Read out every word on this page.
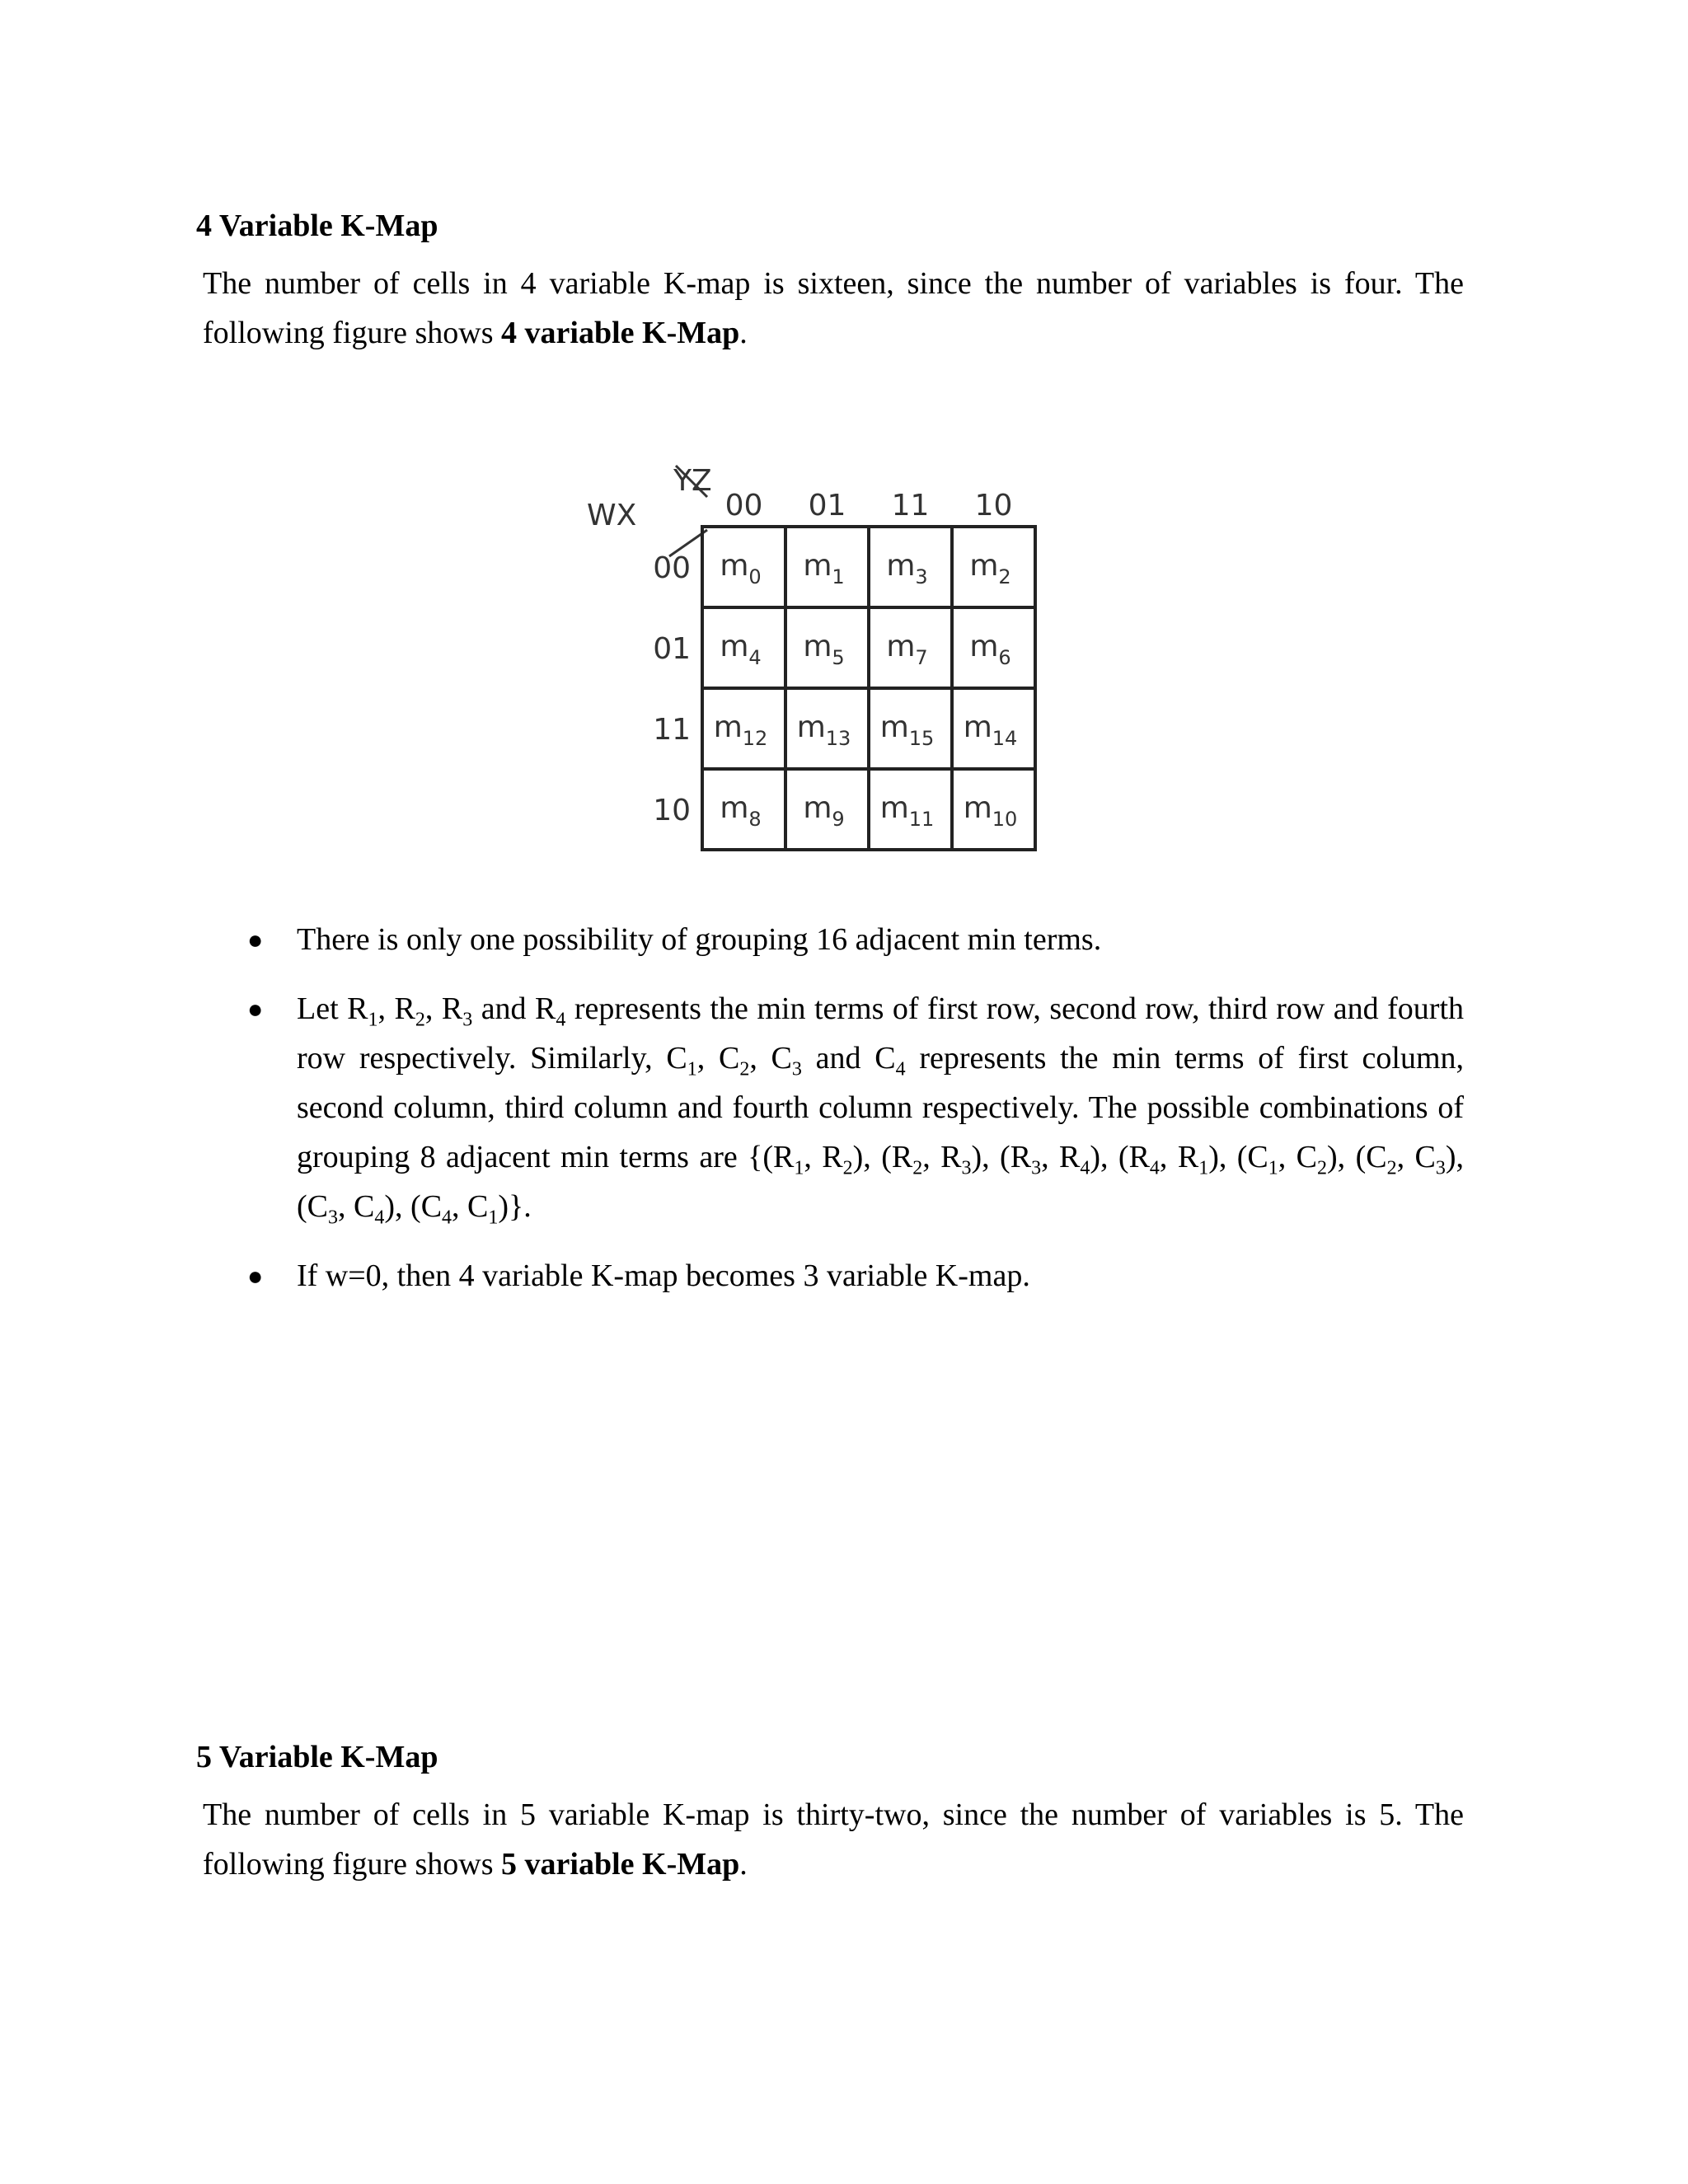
4 Variable K-Map

The number of cells in 4 variable K-map is sixteen, since the number of variables is four. The following figure shows 4 variable K-Map.

YZ
WX	00 01 11 10
00
01
11
10
$m_0$ $m_1$ $m_3$ $m_2$
$m_4$ $m_5$ $m_7$ $m_6$
$m_{12}$ $m_{13}$ $m_{15}$ $m_{14}$
$m_8$ $m_9$ $m_{11}$ $m_{10}$
● There is only one possibility of grouping 16 adjacent min terms.
● Let $R_1$, $R_2$, $R_3$ and $R_4$ represents the min terms of first row, second row, third row and fourth row respectively. Similarly, $C_1$, $C_2$, $C_3$ and $C_4$ represents the min terms of first column, second column, third column and fourth column respectively. The possible combinations of grouping 8 adjacent min terms are {($R_1$, $R_2$), ($R_2$, $R_3$), ($R_3$, $R_4$), ($R_4$, $R_1$), ($C_1$, $C_2$), ($C_2$, $C_3$), ($C_3$, $C_4$), ($C_4$, $C_1$)}.
● If w=0, then 4 variable K-map becomes 3 variable K-map.
5 Variable K-Map

The number of cells in 5 variable K-map is thirty-two, since the number of variables is 5. The following figure shows 5 variable K-Map.
